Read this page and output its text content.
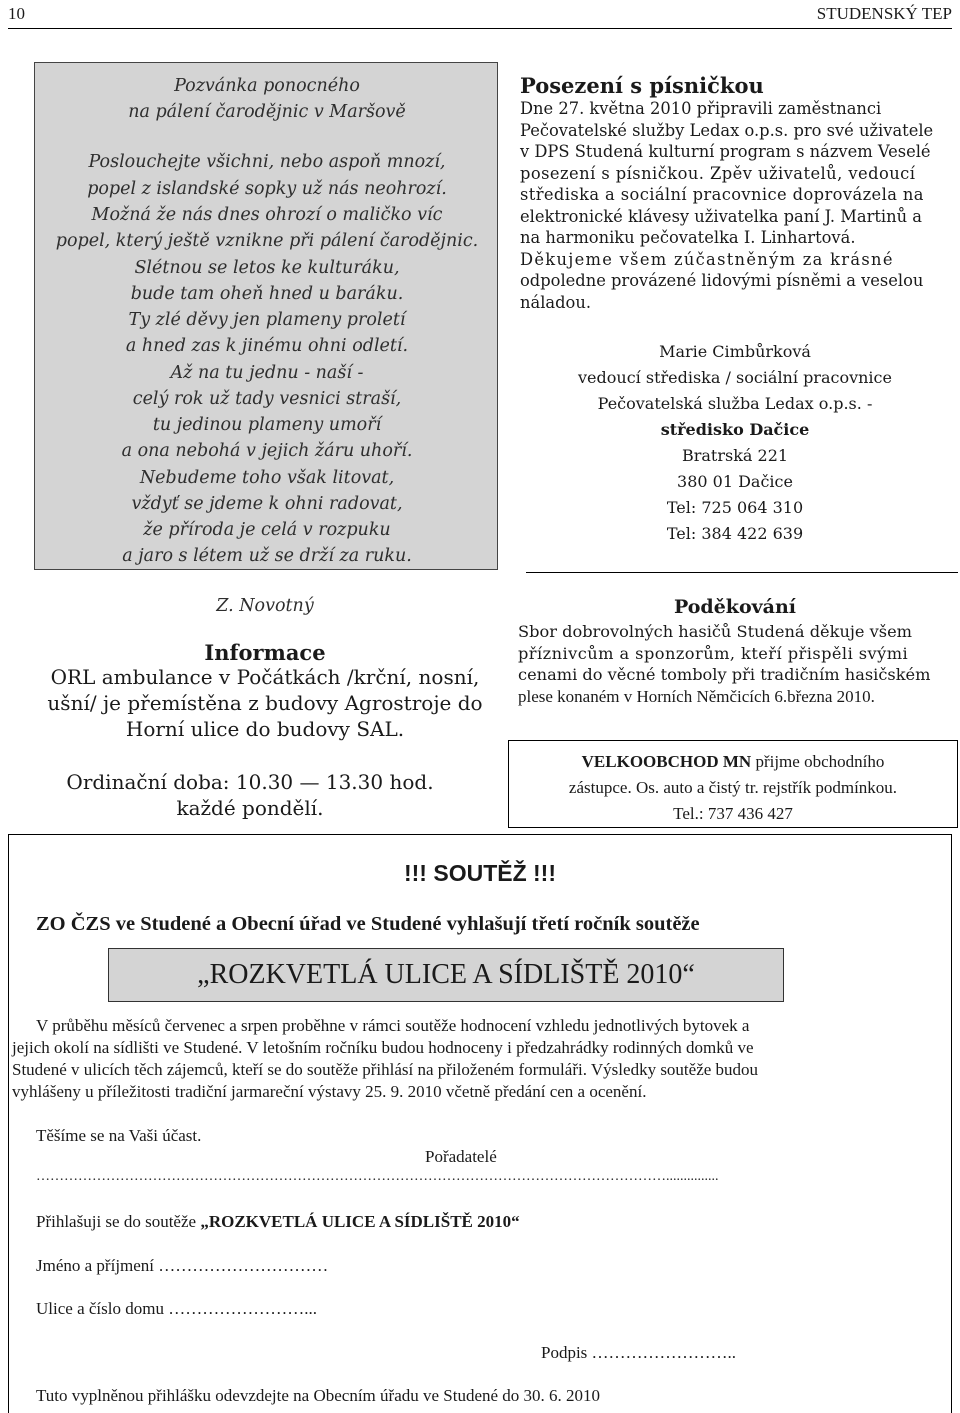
10	STUDENSKÝ TEP
Pozvánka ponocného
na pálení čarodějnic v Maršově
Poslouchejte všichni, nebo aspoň mnozí,
popel z islandské sopky už nás neohrozí.
Možná že nás dnes ohrozí o maličko víc
popel, který ještě vznikne při pálení čarodějnic.
Slétnou se letos ke kulturáku,
bude tam oheň hned u baráku.
Ty zlé děvy jen plameny proletí
a hned zas k jinému ohni odletí.
Až na tu jednu - naší -
celý rok už tady vesnici straší,
tu jedinou plameny umoří
a ona nebohá v jejich žáru uhoří.
Nebudeme toho však litovat,
vždyť se jdeme k ohni radovat,
že příroda je celá v rozpuku
a jaro s létem už se drží za ruku.
Z. Novotný
Informace
ORL ambulance v Počátkách /krční, nosní,
ušní/ je přemístěna z budovy Agrostroje do
Horní ulice do budovy SAL.
Ordinační doba: 10.30 — 13.30 hod.
každé pondělí.
Posezení s písničkou
Dne 27. května 2010 připravili zaměstnanci
Pečovatelské služby Ledax o.p.s. pro své uživatele
v DPS Studená kulturní program s názvem Veselé
posezení s písničkou. Zpěv uživatelů, vedoucí
střediska a sociální pracovnice doprovázela na
elektronické klávesy uživatelka paní J. Martinů a
na harmoniku pečovatelka I. Linhartová.
Děkujeme všem zúčastněným za krásné
odpoledne provázené lidovými písněmi a veselou
náladou.
Marie Cimbůrková
vedoucí střediska / sociální pracovnice
Pečovatelská služba Ledax o.p.s. -
středisko Dačice
Bratrská 221
380 01 Dačice
Tel: 725 064 310
Tel: 384 422 639
Poděkování
Sbor dobrovolných hasičů Studená děkuje všem
příznivcům a sponzorům, kteří přispěli svými
cenami do věcné tomboly při tradičním hasičském
plese konaném v Horních Němčicích 6.března 2010.
VELKOOBCHOD MN přijme obchodního
zástupce. Os. auto a čistý tr. rejstřík podmínkou.
Tel.: 737 436 427
!!! SOUTĚŽ !!!
ZO ČZS ve Studené a Obecní úřad ve Studené vyhlašují třetí ročník soutěže
„ROZKVETLÁ ULICE A SÍDLIŠTĚ 2010“
V průběhu měsíců červenec a srpen proběhne v rámci soutěže hodnocení vzhledu jednotlivých bytovek a
jejich okolí na sídlišti ve Studené. V letošním ročníku budou hodnoceny i předzahrádky rodinných domků ve
Studené v ulicích těch zájemců, kteří se do soutěže přihlásí na přiloženém formuláři. Výsledky soutěže budou
vyhlášeny u příležitosti tradiční jarmareční výstavy 25. 9. 2010 včetně předání cen a ocenění.
Těšíme se na Vaši účast.
Pořadatelé
………………………………………………………………………………………………………………………...............
Přihlašuji se do soutěže „ROZKVETLÁ ULICE A SÍDLIŠTĚ 2010“
Jméno a příjmení …………………………
Ulice a číslo domu ……………………...
Podpis ……………………..
Tuto vyplněnou přihlášku odevzdejte na Obecním úřadu ve Studené do 30. 6. 2010
